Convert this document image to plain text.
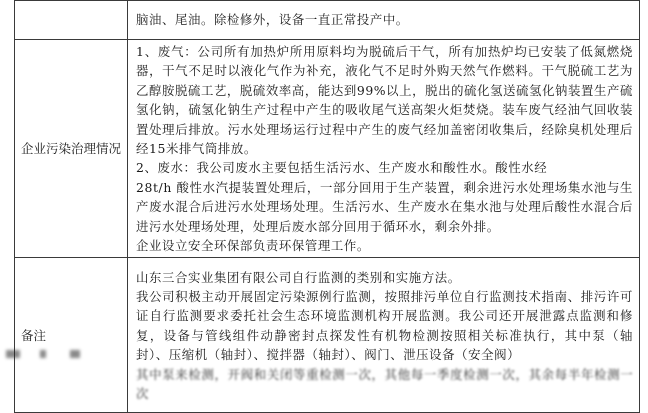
	脑油、尾油。除检修外，设备一直正常投产中。

企业污染治理情况	1、废气：公司所有加热炉所用原料均为脱硫后干气，所有加热炉均已安装了低氮燃烧器，干气不足时以液化气作为补充，液化气不足时外购天然气作燃料。干气脱硫工艺为乙醇胺脱硫工艺，脱硫效率高，能达到99%以上，脱出的硫化氢送硫氢化钠装置生产硫氢化钠，硫氢化钠生产过程中产生的吸收尾气送高架火炬焚烧。装车废气经油气回收装置处理后排放。污水处理场运行过程中产生的废气经加盖密闭收集后，经除臭机处理后经15米排气筒排放。
2、废水：我公司废水主要包括生活污水、生产废水和酸性水。酸性水经
28t/h 酸性水汽提装置处理后，一部分回用于生产装置，剩余进污水处理场集水池与生产废水混合后进污水处理场处理。生活污水、生产废水在集水池与处理后酸性水混合后进污水处理场处理，处理后废水部分回用于循环水，剩余外排。
企业设立安全环保部负责环保管理工作。

备注	山东三合实业集团有限公司自行监测的类别和实施方法。
我公司积极主动开展固定污染源例行监测，按照排污单位自行监测技术指南、排污许可证自行监测要求委托社会生态环境监测机构开展监测。我公司还开展泄露点监测和修复，设备与管线组件动静密封点探发性有机物检测按照相关标准执行，其中泵（轴封）、压缩机（轴封）、搅拌器（轴封）、阀门、泄压设备（安全阀）
其中泵来检测，开阀和关闭等重检测一次，其他每一季度检测一次，其余每半年检测一次
